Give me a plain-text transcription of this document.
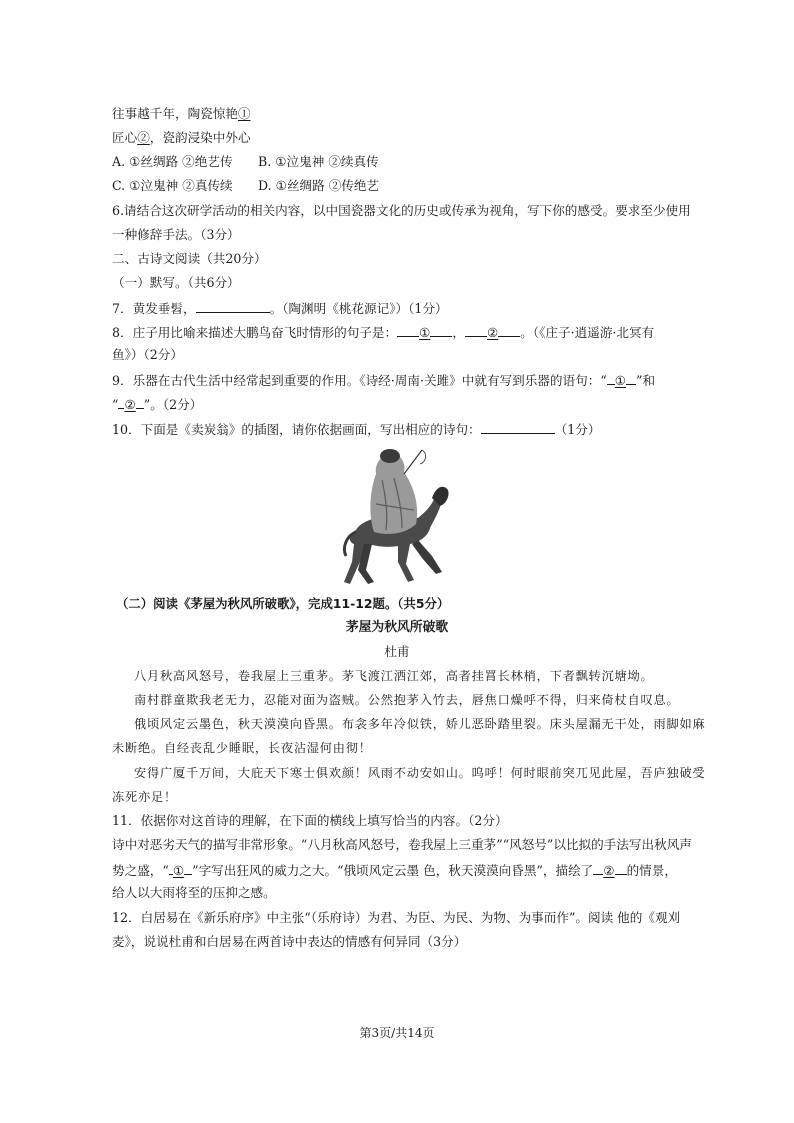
往事越千年，陶瓷惊艳①
匠心②，瓷韵浸染中外心
A. ①丝绸路 ②绝艺传 B. ①泣鬼神 ②续真传
C. ①泣鬼神 ②真传续 D. ①丝绸路 ②传绝艺
6.请结合这次研学活动的相关内容，以中国瓷器文化的历史或传承为视角，写下你的感受。要求至少使用
一种修辞手法。（3分）
二、古诗文阅读（共20分）
（一）默写。（共6分）
7．黄发垂髫，	。（陶渊明《桃花源记》）（1分）
8．庄子用比喻来描述大鹏鸟奋飞时情形的句子是： ① ， ② 。（《庄子·逍遥游·北冥有
鱼》）（2分）
9．乐器在古代生活中经常起到重要的作用。《诗经·周南·关雎》中就有写到乐器的语句：“ ① ”和
“ ② ”。（2分）
10．下面是《卖炭翁》的插图，请你依据画面，写出相应的诗句：	（1分）
（二）阅读《茅屋为秋风所破歌》，完成11-12题。（共5分）
茅屋为秋风所破歌
杜甫
八月秋高风怒号，卷我屋上三重茅。茅飞渡江洒江郊，高者挂罥长林梢，下者飘转沉塘坳。
南村群童欺我老无力，忍能对面为盗贼。公然抱茅入竹去，唇焦口燥呼不得，归来倚杖自叹息。
俄顷风定云墨色，秋天漠漠向昏黑。布衾多年冷似铁，娇儿恶卧踏里裂。床头屋漏无干处，雨脚如麻
未断绝。自经丧乱少睡眠，长夜沾湿何由彻！
安得广厦千万间，大庇天下寒士俱欢颜！风雨不动安如山。呜呼！何时眼前突兀见此屋，吾庐独破受
冻死亦足！
11．依据你对这首诗的理解，在下面的横线上填写恰当的内容。（2分）
诗中对恶劣天气的描写非常形象。“八月秋高风怒号，卷我屋上三重茅”“风怒号”以比拟的手法写出秋风声
势之盛，“ ① ”字写出狂风的威力之大。“俄顷风定云墨 色，秋天漠漠向昏黑”，描绘了 ② 的情景，
给人以大雨将至的压抑之感。
12．白居易在《新乐府序》中主张“（乐府诗）为君、为臣、为民、为物、为事而作”。阅读 他的《观刈
麦》，说说杜甫和白居易在两首诗中表达的情感有何异同（3分）
第3页/共14页
